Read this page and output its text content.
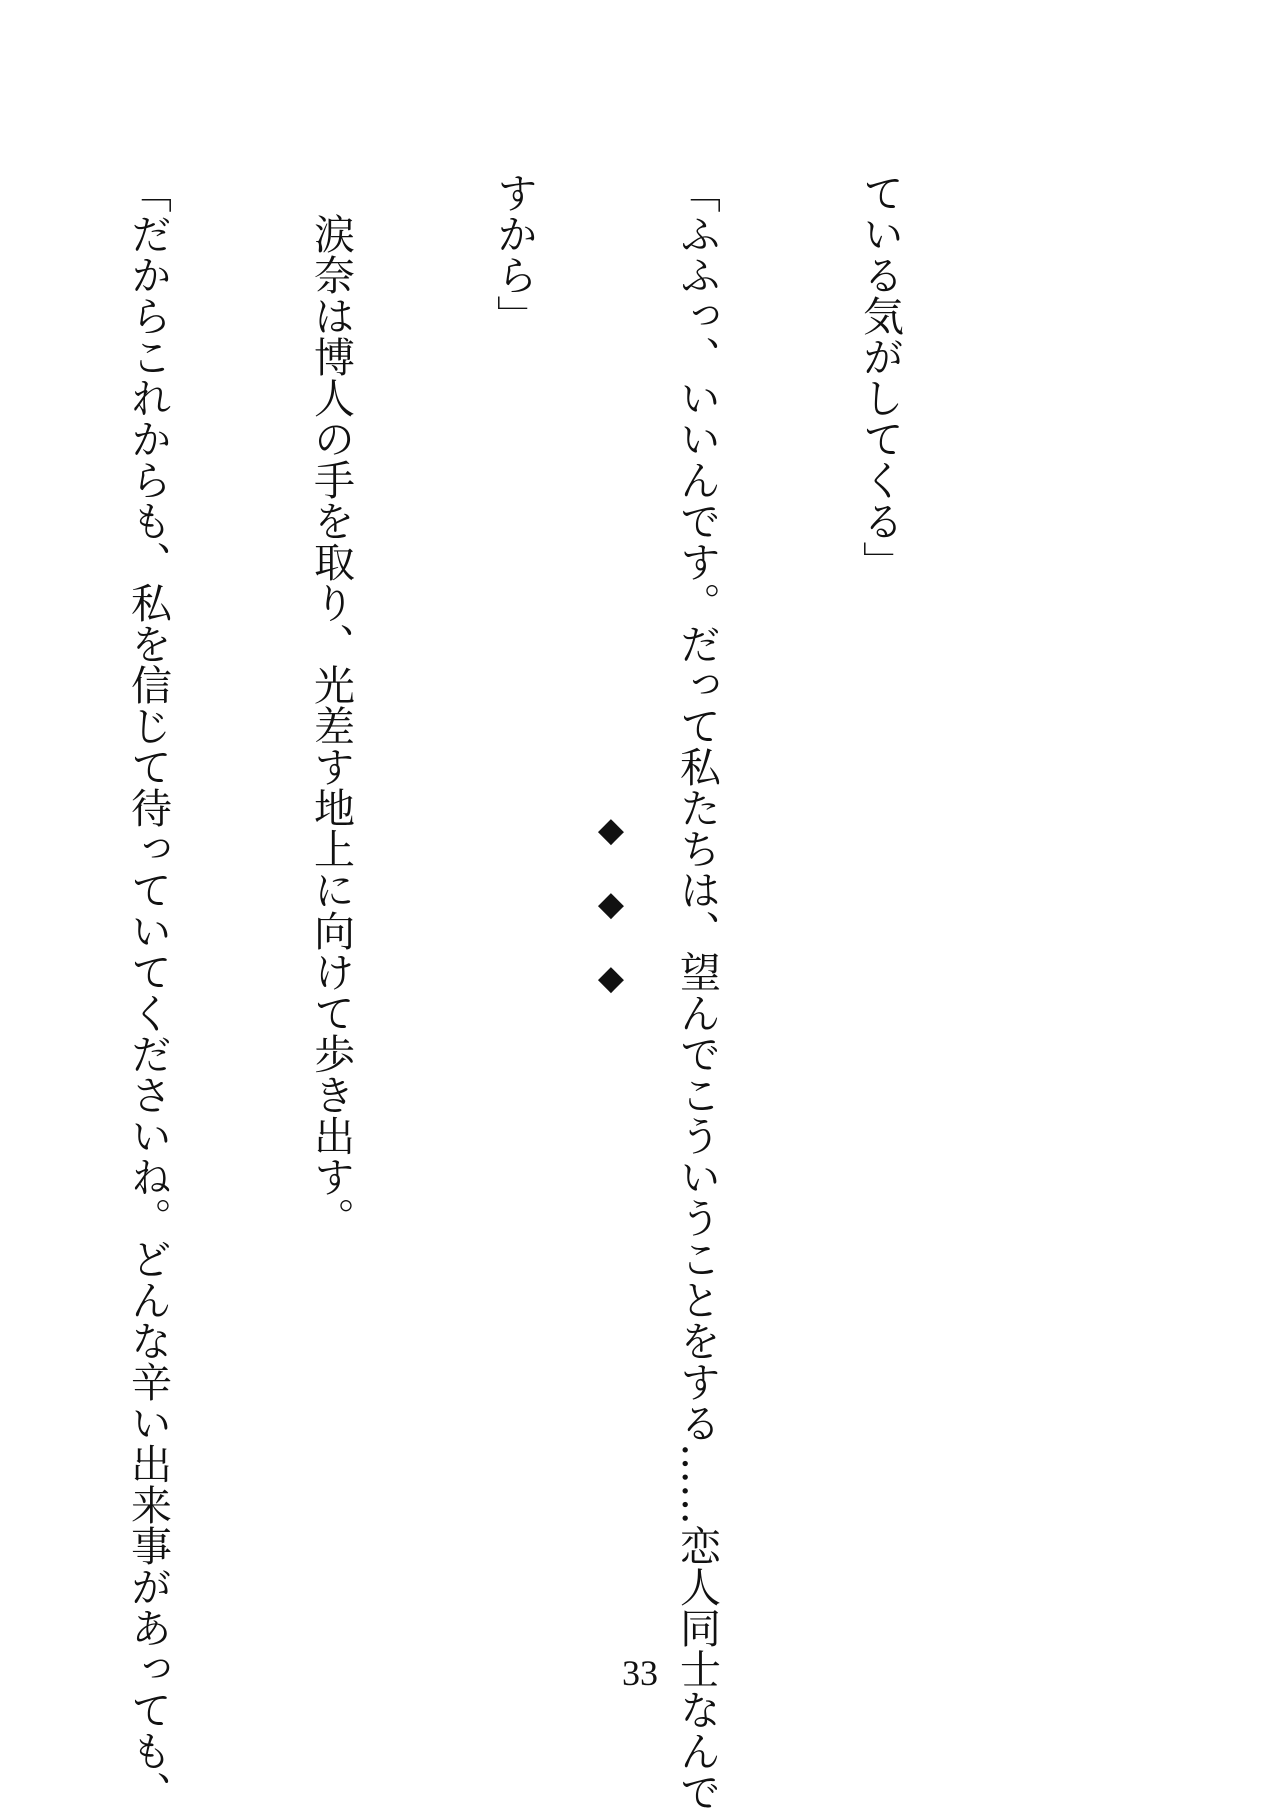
ている気がしてくる」

「ふふっ、いいんです。だって私たちは、望んでこういうことをする……恋人同士なんで

すから」

　涙奈は博人の手を取り、光差す地上に向けて歩き出す。

「だからこれからも、私を信じて待っていてくださいね。どんな辛い出来事があっても、

	◆
◆
◆
33
